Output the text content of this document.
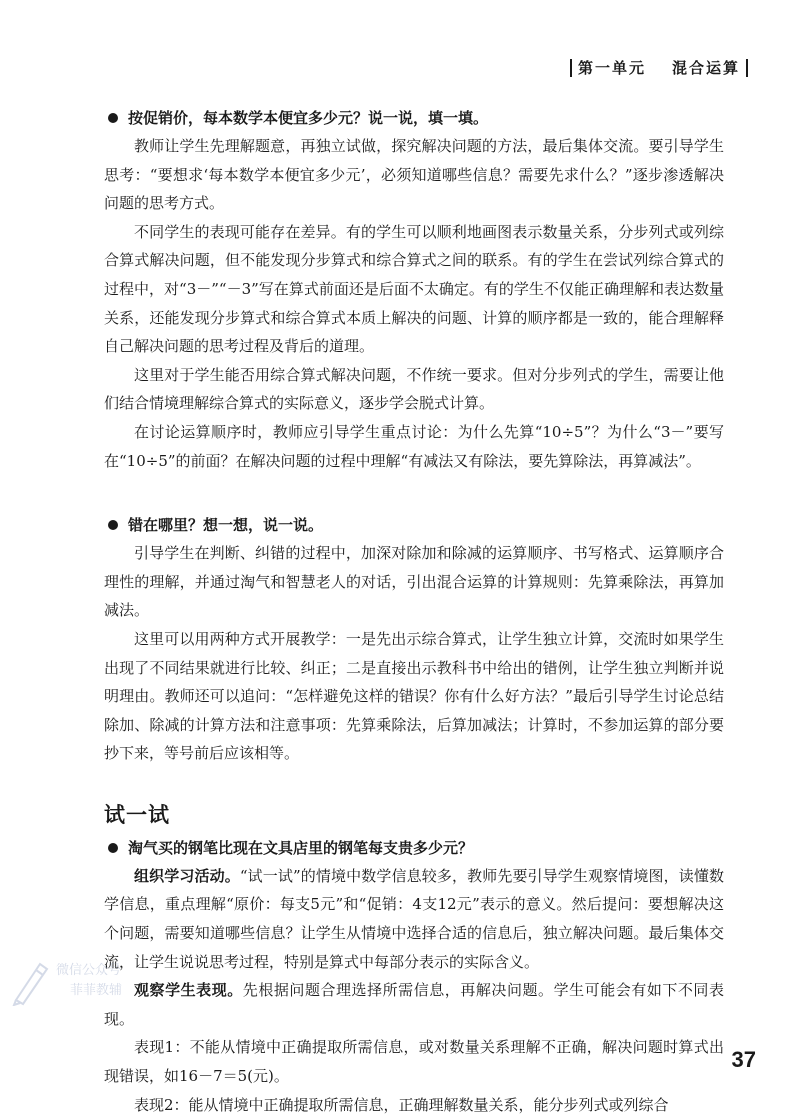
第一单元 混合运算
按促销价，每本数学本便宜多少元？说一说，填一填。

教师让学生先理解题意，再独立试做，探究解决问题的方法，最后集体交流。要引导学生思考：“要想求‘每本数学本便宜多少元’，必须知道哪些信息？需要先求什么？”逐步渗透解决问题的思考方式。

不同学生的表现可能存在差异。有的学生可以顺利地画图表示数量关系，分步列式或列综合算式解决问题，但不能发现分步算式和综合算式之间的联系。有的学生在尝试列综合算式的过程中，对“3－”“－3”写在算式前面还是后面不太确定。有的学生不仅能正确理解和表达数量关系，还能发现分步算式和综合算式本质上解决的问题、计算的顺序都是一致的，能合理解释自己解决问题的思考过程及背后的道理。

这里对于学生能否用综合算式解决问题，不作统一要求。但对分步列式的学生，需要让他们结合情境理解综合算式的实际意义，逐步学会脱式计算。

在讨论运算顺序时，教师应引导学生重点讨论：为什么先算“10÷5”？为什么“3－”要写在“10÷5”的前面？在解决问题的过程中理解“有减法又有除法，要先算除法，再算减法”。

错在哪里？想一想，说一说。

引导学生在判断、纠错的过程中，加深对除加和除减的运算顺序、书写格式、运算顺序合理性的理解，并通过淘气和智慧老人的对话，引出混合运算的计算规则：先算乘除法，再算加减法。

这里可以用两种方式开展教学：一是先出示综合算式，让学生独立计算，交流时如果学生出现了不同结果就进行比较、纠正；二是直接出示教科书中给出的错例，让学生独立判断并说明理由。教师还可以追问：“怎样避免这样的错误？你有什么好方法？”最后引导学生讨论总结除加、除减的计算方法和注意事项：先算乘除法，后算加减法；计算时，不参加运算的部分要抄下来，等号前后应该相等。

试一试
淘气买的钢笔比现在文具店里的钢笔每支贵多少元？

组织学习活动。“试一试”的情境中数学信息较多，教师先要引导学生观察情境图，读懂数学信息，重点理解“原价：每支5元”和“促销：4支12元”表示的意义。然后提问：要想解决这个问题，需要知道哪些信息？让学生从情境中选择合适的信息后，独立解决问题。最后集体交流，让学生说说思考过程，特别是算式中每部分表示的实际含义。

观察学生表现。先根据问题合理选择所需信息，再解决问题。学生可能会有如下不同表现。

表现1：不能从情境中正确提取所需信息，或对数量关系理解不正确，解决问题时算式出现错误，如16－7＝5(元)。

表现2：能从情境中正确提取所需信息，正确理解数量关系，能分步列式或列综合

微信公众号
菲菲教辅
37
